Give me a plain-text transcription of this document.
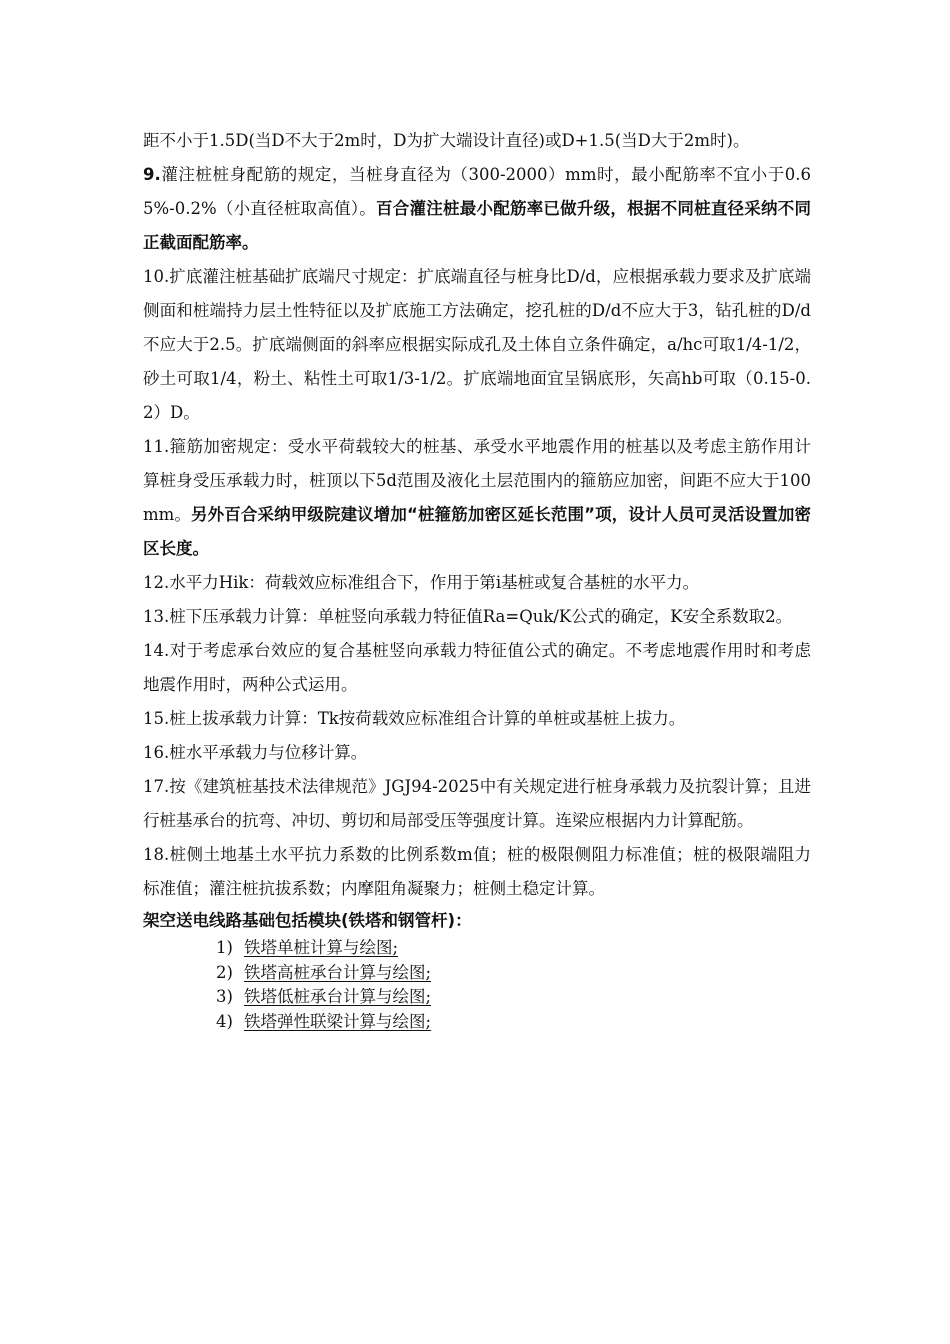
距不小于1.5D(当D不大于2m时，D为扩大端设计直径)或D+1.5(当D大于2m时)。

9.灌注桩桩身配筋的规定，当桩身直径为（300-2000）mm时，最小配筋率不宜小于0.65%-0.2%（小直径桩取高值）。百合灌注桩最小配筋率已做升级，根据不同桩直径采纳不同正截面配筋率。

10.扩底灌注桩基础扩底端尺寸规定：扩底端直径与桩身比D/d，应根据承载力要求及扩底端侧面和桩端持力层土性特征以及扩底施工方法确定，挖孔桩的D/d不应大于3，钻孔桩的D/d不应大于2.5。扩底端侧面的斜率应根据实际成孔及土体自立条件确定，a/hc可取1/4-1/2，砂土可取1/4，粉土、粘性土可取1/3-1/2。扩底端地面宜呈锅底形，矢高hb可取（0.15-0.2）D。

11.箍筋加密规定：受水平荷载较大的桩基、承受水平地震作用的桩基以及考虑主筋作用计算桩身受压承载力时，桩顶以下5d范围及液化土层范围内的箍筋应加密，间距不应大于100mm。另外百合采纳甲级院建议增加“桩箍筋加密区延长范围”项，设计人员可灵活设置加密区长度。

12.水平力Hik：荷载效应标准组合下，作用于第i基桩或复合基桩的水平力。

13.桩下压承载力计算：单桩竖向承载力特征值Ra=Quk/K公式的确定，K安全系数取2。

14.对于考虑承台效应的复合基桩竖向承载力特征值公式的确定。不考虑地震作用时和考虑地震作用时，两种公式运用。

15.桩上拔承载力计算：Tk按荷载效应标准组合计算的单桩或基桩上拔力。

16.桩水平承载力与位移计算。

17.按《建筑桩基技术法律规范》JGJ94-2025中有关规定进行桩身承载力及抗裂计算；且进行桩基承台的抗弯、冲切、剪切和局部受压等强度计算。连梁应根据内力计算配筋。

18.桩侧土地基土水平抗力系数的比例系数m值；桩的极限侧阻力标准值；桩的极限端阻力标准值；灌注桩抗拔系数；内摩阻角凝聚力；桩侧土稳定计算。

架空送电线路基础包括模块(铁塔和钢管杆)：

1) 铁塔单桩计算与绘图;
2) 铁塔高桩承台计算与绘图;
3) 铁塔低桩承台计算与绘图;
4) 铁塔弹性联梁计算与绘图;
